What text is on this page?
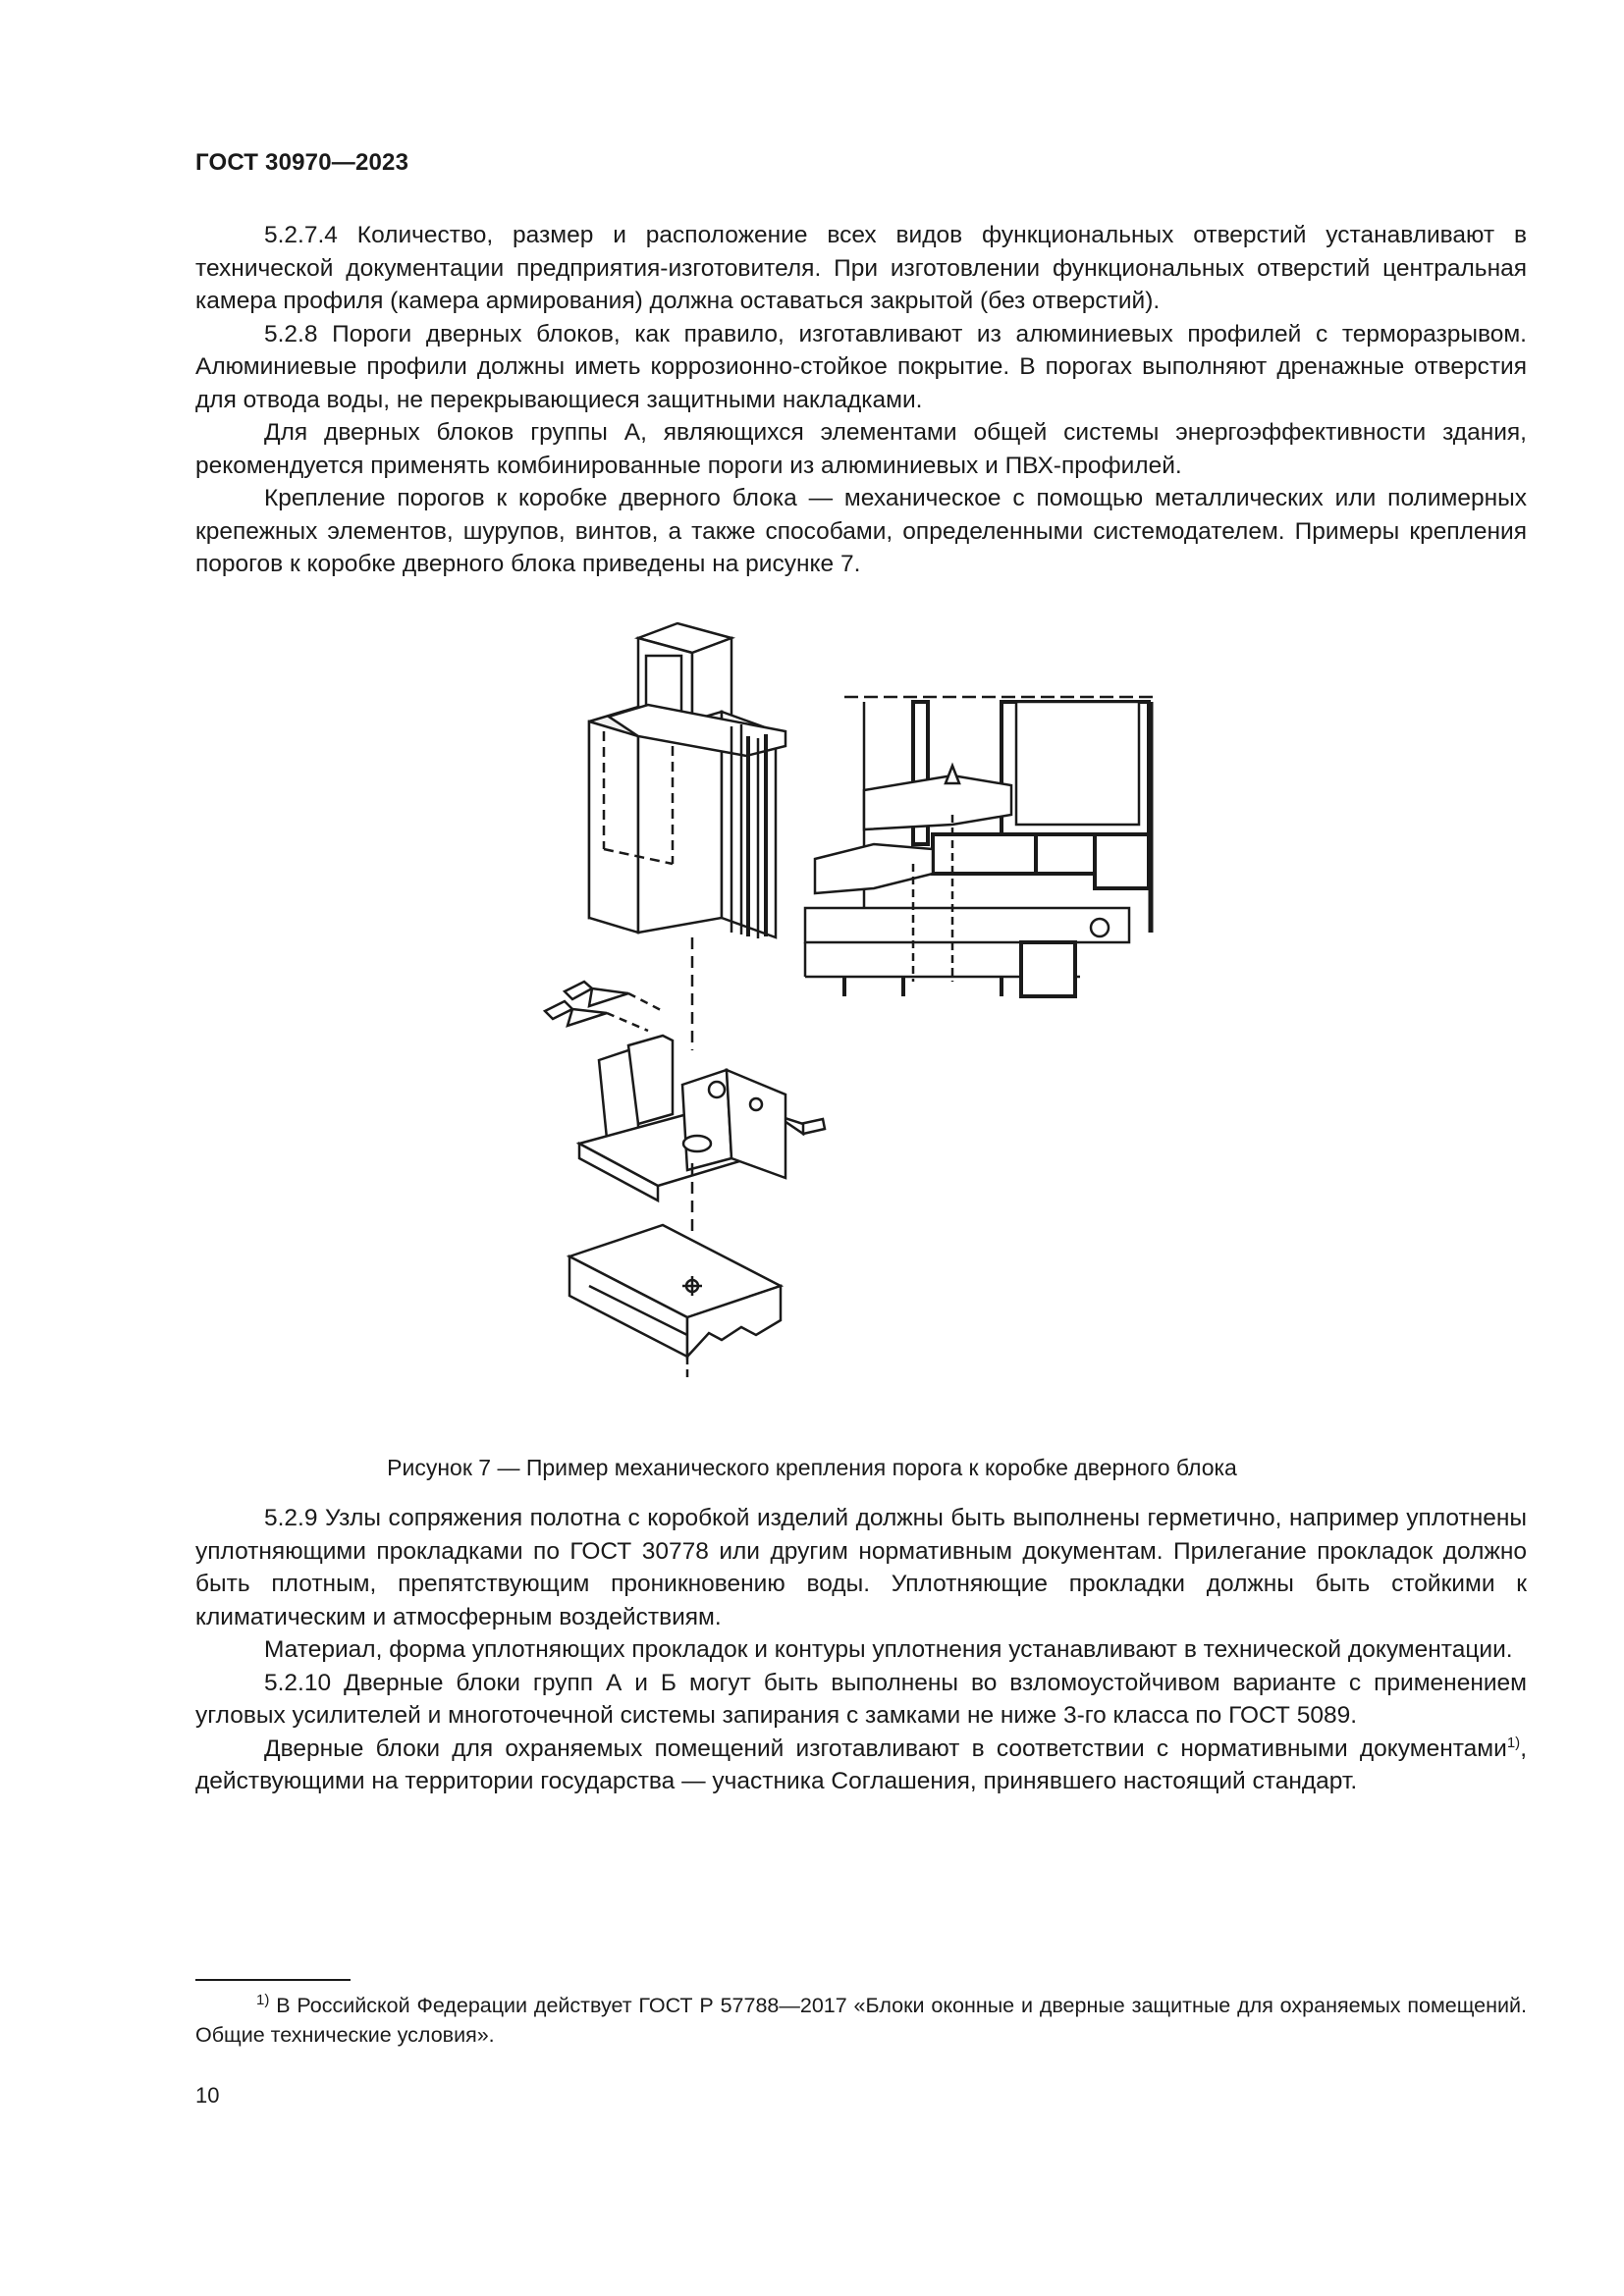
ГОСТ 30970—2023

5.2.7.4 Количество, размер и расположение всех видов функциональных отверстий устанавливают в технической документации предприятия-изготовителя. При изготовлении функциональных отверстий центральная камера профиля (камера армирования) должна оставаться закрытой (без отверстий).

5.2.8 Пороги дверных блоков, как правило, изготавливают из алюминиевых профилей с терморазрывом. Алюминиевые профили должны иметь коррозионно-стойкое покрытие. В порогах выполняют дренажные отверстия для отвода воды, не перекрывающиеся защитными накладками.

Для дверных блоков группы А, являющихся элементами общей системы энергоэффективности здания, рекомендуется применять комбинированные пороги из алюминиевых и ПВХ-профилей.

Крепление порогов к коробке дверного блока — механическое с помощью металлических или полимерных крепежных элементов, шурупов, винтов, а также способами, определенными системодателем. Примеры крепления порогов к коробке дверного блока приведены на рисунке 7.

Рисунок 7 — Пример механического крепления порога к коробке дверного блока

5.2.9 Узлы сопряжения полотна с коробкой изделий должны быть выполнены герметично, например уплотнены уплотняющими прокладками по ГОСТ 30778 или другим нормативным документам. Прилегание прокладок должно быть плотным, препятствующим проникновению воды. Уплотняющие прокладки должны быть стойкими к климатическим и атмосферным воздействиям.

Материал, форма уплотняющих прокладок и контуры уплотнения устанавливают в технической документации.

5.2.10 Дверные блоки групп А и Б могут быть выполнены во взломоустойчивом варианте с применением угловых усилителей и многоточечной системы запирания с замками не ниже 3-го класса по ГОСТ 5089.

Дверные блоки для охраняемых помещений изготавливают в соответствии с нормативными документами$^{1)}$, действующими на территории государства — участника Соглашения, принявшего настоящий стандарт.

$^{1)}$ В Российской Федерации действует ГОСТ Р 57788—2017 «Блоки оконные и дверные защитные для охраняемых помещений. Общие технические условия».

10
